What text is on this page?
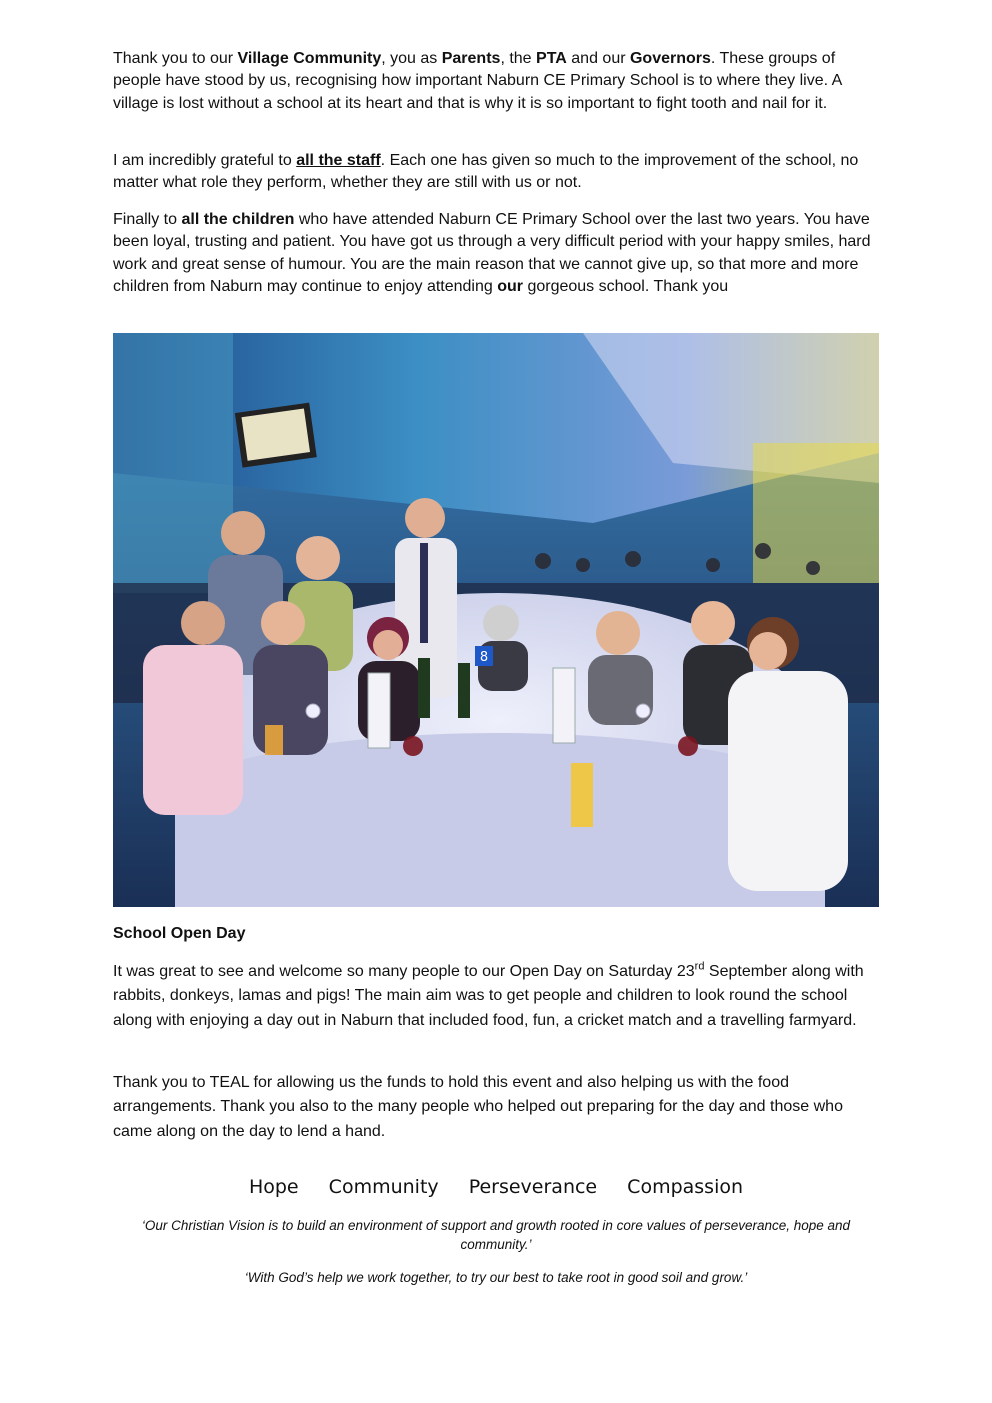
Thank you to our Village Community, you as Parents, the PTA and our Governors. These groups of people have stood by us, recognising how important Naburn CE Primary School is to where they live. A village is lost without a school at its heart and that is why it is so important to fight tooth and nail for it.

I am incredibly grateful to all the staff. Each one has given so much to the improvement of the school, no matter what role they perform, whether they are still with us or not.

Finally to all the children who have attended Naburn CE Primary School over the last two years. You have been loyal, trusting and patient. You have got us through a very difficult period with your happy smiles, hard work and great sense of humour. You are the main reason that we cannot give up, so that more and more children from Naburn may continue to enjoy attending our gorgeous school. Thank you

8

School Open Day

It was great to see and welcome so many people to our Open Day on Saturday 23rd September along with rabbits, donkeys, lamas and pigs! The main aim was to get people and children to look round the school along with enjoying a day out in Naburn that included food, fun, a cricket match and a travelling farmyard.

Thank you to TEAL for allowing us the funds to hold this event and also helping us with the food arrangements. Thank you also to the many people who helped out preparing for the day and those who came along on the day to lend a hand.

Hope Community Perseverance Compassion

‘Our Christian Vision is to build an environment of support and growth rooted in core values of perseverance, hope and community.’

‘With God’s help we work together, to try our best to take root in good soil and grow.’
